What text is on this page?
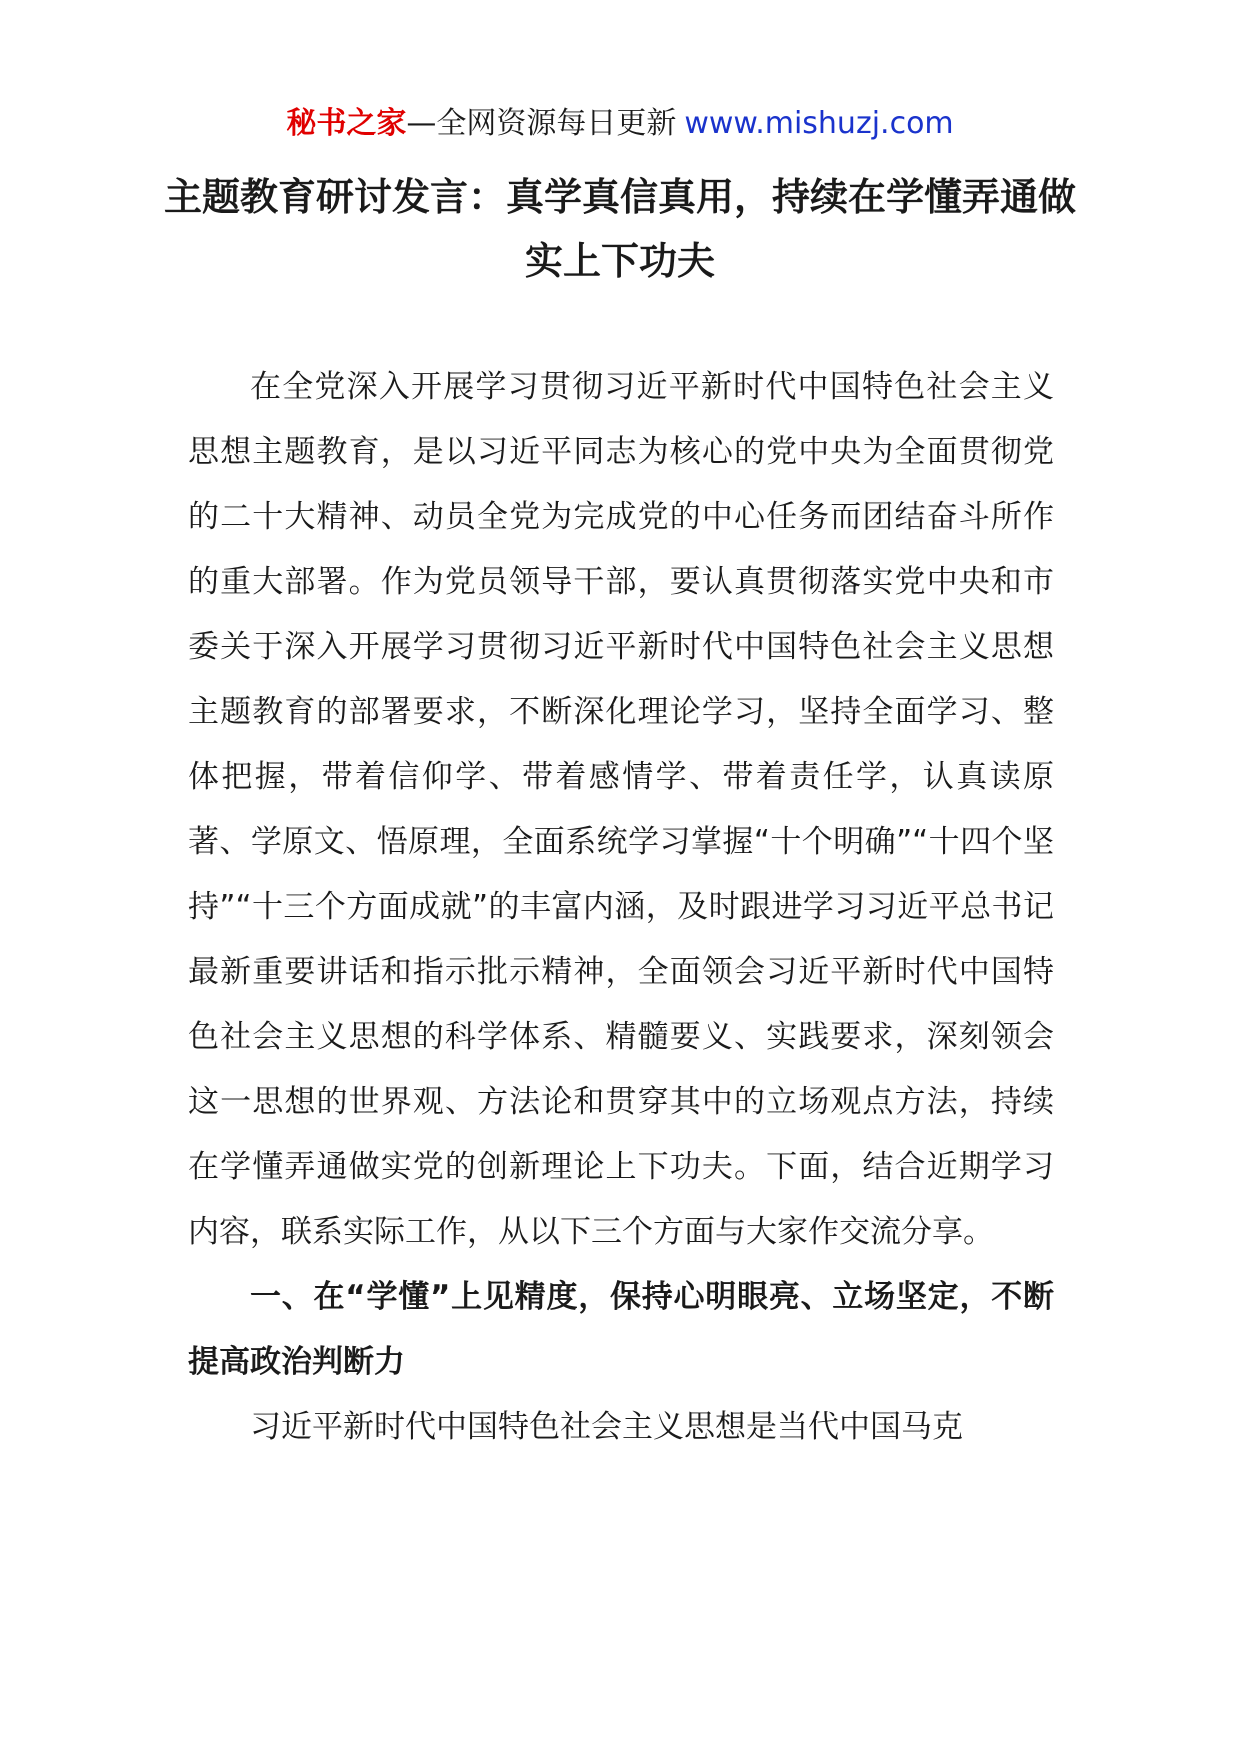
秘书之家—全网资源每日更新 www.mishuzj.com
主题教育研讨发言：真学真信真用，持续在学懂弄通做实上下功夫

在全党深入开展学习贯彻习近平新时代中国特色社会主义思想主题教育，是以习近平同志为核心的党中央为全面贯彻党的二十大精神、动员全党为完成党的中心任务而团结奋斗所作的重大部署。作为党员领导干部，要认真贯彻落实党中央和市委关于深入开展学习贯彻习近平新时代中国特色社会主义思想主题教育的部署要求，不断深化理论学习，坚持全面学习、整体把握，带着信仰学、带着感情学、带着责任学，认真读原著、学原文、悟原理，全面系统学习掌握“十个明确”“十四个坚持”“十三个方面成就”的丰富内涵，及时跟进学习习近平总书记最新重要讲话和指示批示精神，全面领会习近平新时代中国特色社会主义思想的科学体系、精髓要义、实践要求，深刻领会这一思想的世界观、方法论和贯穿其中的立场观点方法，持续在学懂弄通做实党的创新理论上下功夫。下面，结合近期学习内容，联系实际工作，从以下三个方面与大家作交流分享。

一、在“学懂”上见精度，保持心明眼亮、立场坚定，不断提高政治判断力

习近平新时代中国特色社会主义思想是当代中国马克
